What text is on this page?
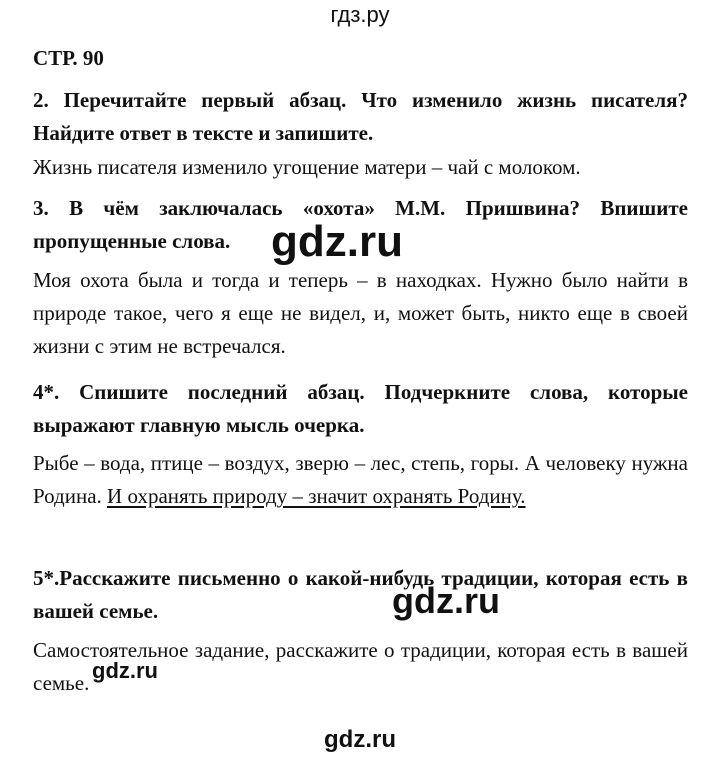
гдз.ру
СТР. 90

2. Перечитайте первый абзац. Что изменило жизнь писателя? Найдите ответ в тексте и запишите.

Жизнь писателя изменило угощение матери – чай с молоком.

3. В чём заключалась «охота» М.М. Пришвина? Впишите пропущенные слова.

Моя охота была и тогда и теперь – в находках. Нужно было найти в природе такое, чего я еще не видел, и, может быть, никто еще в своей жизни с этим не встречался.

4*. Спишите последний абзац. Подчеркните слова, которые выражают главную мысль очерка.

Рыбе – вода, птице – воздух, зверю – лес, степь, горы. А человеку нужна Родина. И охранять природу – значит охранять Родину.

5*.Расскажите письменно о какой-нибудь традиции, которая есть в вашей семье.

Самостоятельное задание, расскажите о традиции, которая есть в вашей семье.

gdz.ru
gdz.ru
gdz.ru
gdz.ru
